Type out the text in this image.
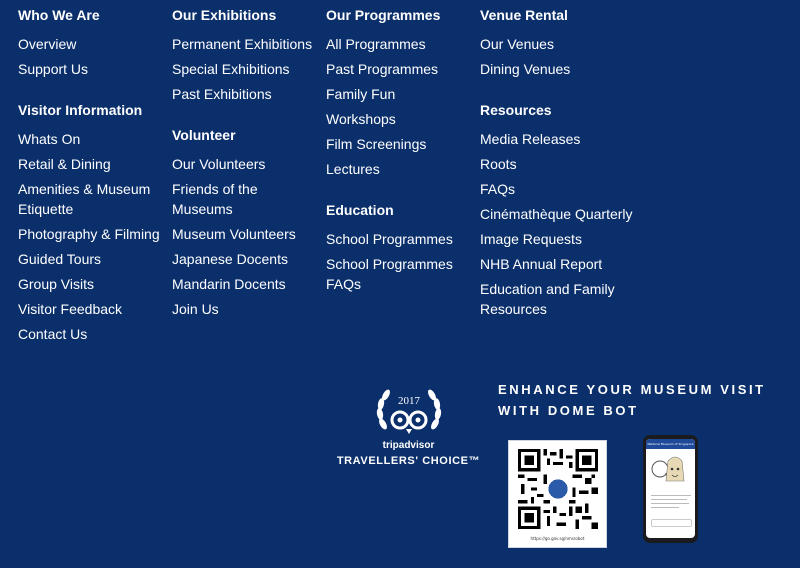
Who We Are
Overview
Support Us
Visitor Information
Whats On
Retail & Dining
Amenities & Museum Etiquette
Photography & Filming
Guided Tours
Group Visits
Visitor Feedback
Contact Us
Our Exhibitions
Permanent Exhibitions
Special Exhibitions
Past Exhibitions
Volunteer
Our Volunteers
Friends of the Museums
Museum Volunteers
Japanese Docents
Mandarin Docents
Join Us
Our Programmes
All Programmes
Past Programmes
Family Fun
Workshops
Film Screenings
Lectures
Education
School Programmes
School Programmes FAQs
Venue Rental
Our Venues
Dining Venues
Resources
Media Releases
Roots
FAQs
Cinémathèque Quarterly
Image Requests
NHB Annual Report
Education and Family Resources
2017
tripadvisor
TRAVELLERS' CHOICE™
ENHANCE YOUR MUSEUM VISIT WITH DOME BOT
https://go.gov.sg/nmsrobot
National Museum of Singapore
